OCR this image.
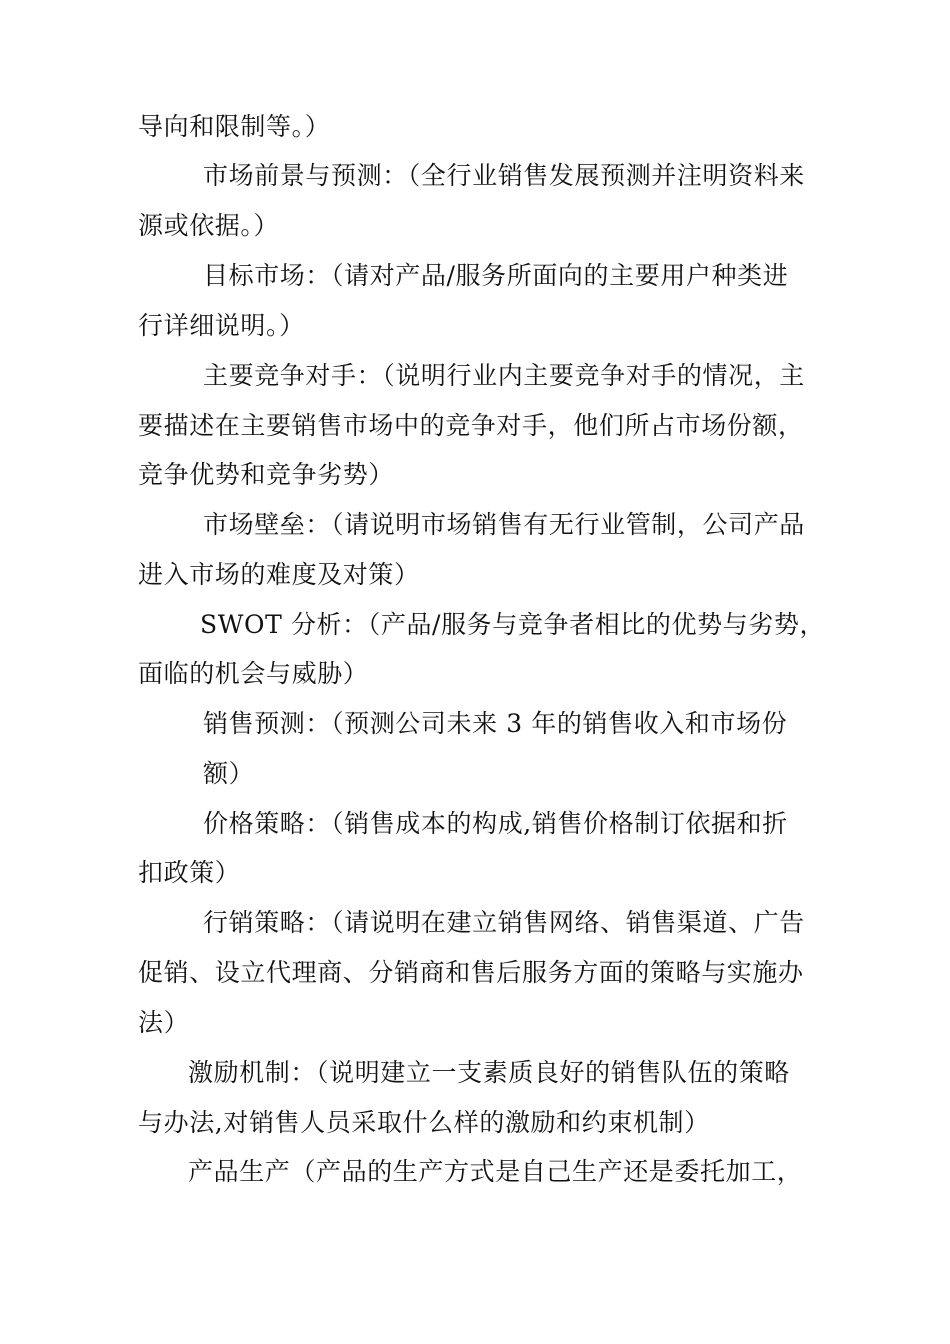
导向和限制等。）
市场前景与预测：（全行业销售发展预测并注明资料来
源或依据。）
目标市场：（请对产品/服务所面向的主要用户种类进
行详细说明。）
主要竞争对手：（说明行业内主要竞争对手的情况，主
要描述在主要销售市场中的竞争对手，他们所占市场份额，
竞争优势和竞争劣势）
市场壁垒：（请说明市场销售有无行业管制，公司产品
进入市场的难度及对策）
SWOT 分析：（产品/服务与竞争者相比的优势与劣势，
面临的机会与威胁）
销售预测：（预测公司未来 3 年的销售收入和市场份
额）
价格策略：（销售成本的构成,销售价格制订依据和折
扣政策）
行销策略：（请说明在建立销售网络、销售渠道、广告
促销、设立代理商、分销商和售后服务方面的策略与实施办
法）
激励机制：（说明建立一支素质良好的销售队伍的策略
与办法,对销售人员采取什么样的激励和约束机制）
产品生产（产品的生产方式是自己生产还是委托加工，
